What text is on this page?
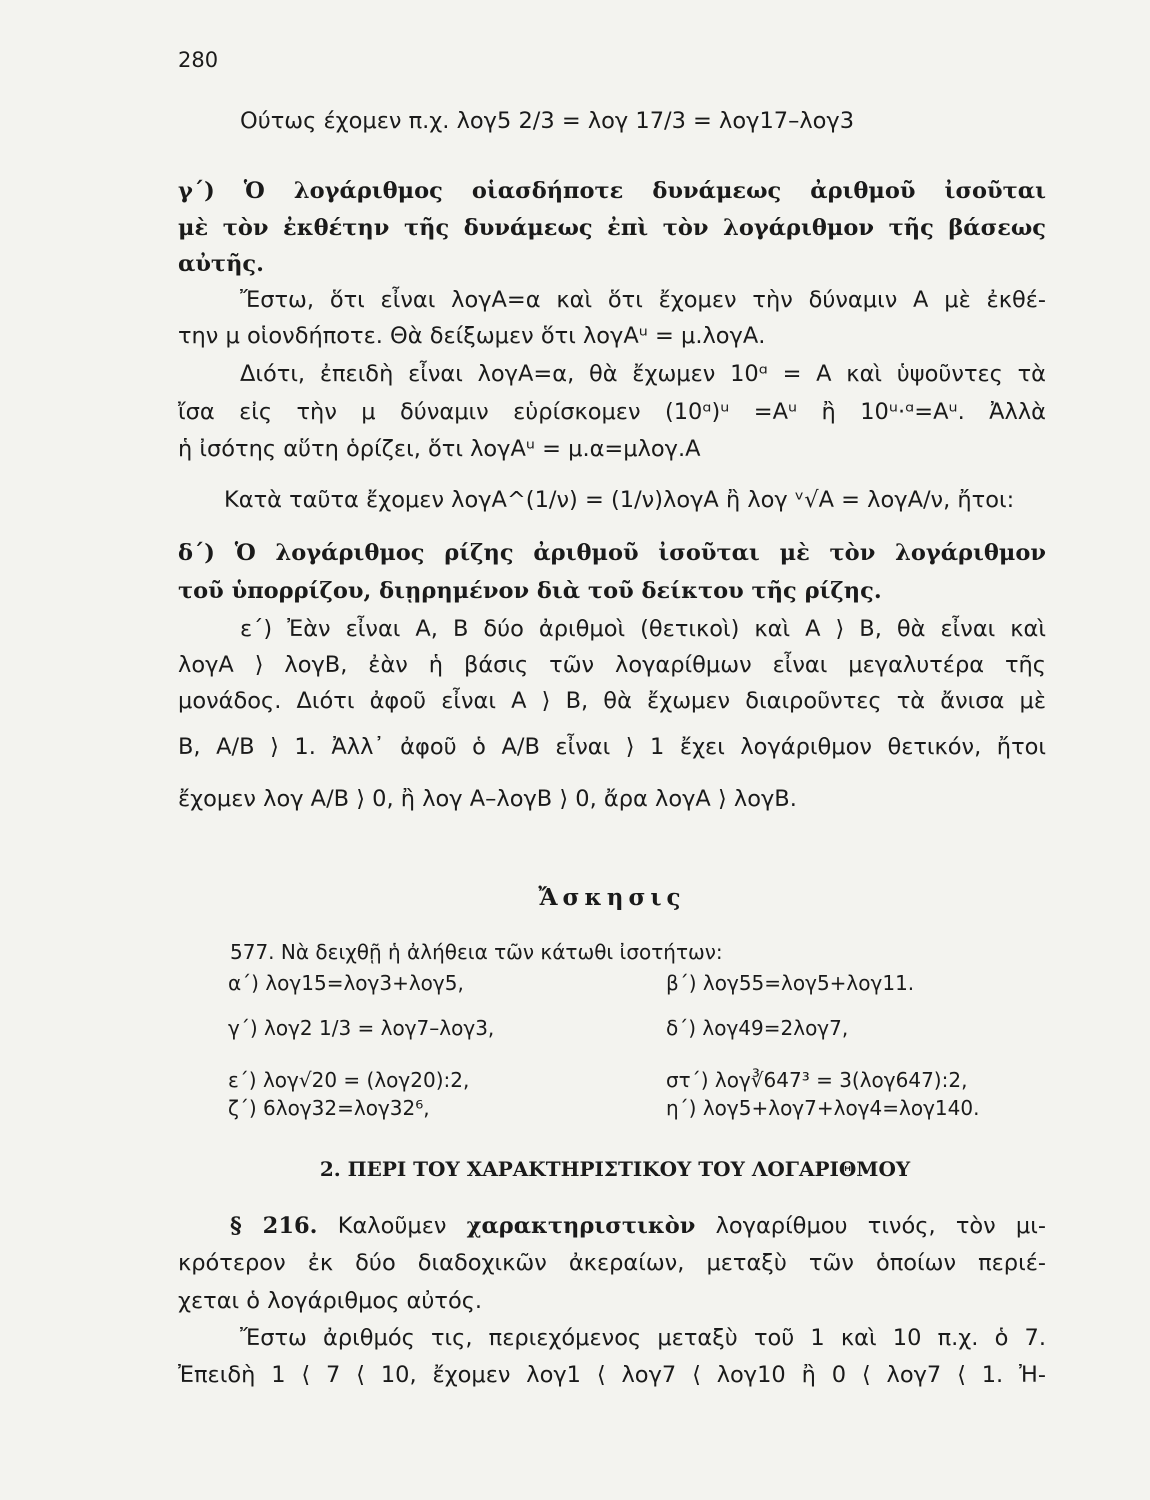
280
Ούτως έχομεν π.χ. λογ5 2/3 = λογ 17/3 = λογ17–λογ3
γ΄) Ὁ λογάριθμος οἱασδήποτε δυνάμεως ἀριθμοῦ ἰσοῦται
μὲ τὸν ἐκθέτην τῆς δυνάμεως ἐπὶ τὸν λογάριθμον τῆς βάσεως
αὐτῆς.
Ἔστω, ὅτι εἶναι λογΑ=α καὶ ὅτι ἔχομεν τὴν δύναμιν Α μὲ ἐκθέ-
την μ οἱονδήποτε. Θὰ δείξωμεν ὅτι λογΑᵘ = μ.λογΑ.
Διότι, ἐπειδὴ εἶναι λογΑ=α, θὰ ἔχωμεν 10ᵅ = Α καὶ ὑψοῦντες τὰ
ἴσα εἰς τὴν μ δύναμιν εὑρίσκομεν (10ᵅ)ᵘ =Αᵘ ἢ 10ᵘ·ᵅ=Αᵘ. Ἀλλὰ
ἡ ἰσότης αὕτη ὁρίζει, ὅτι λογΑᵘ = μ.α=μλογ.Α
Κατὰ ταῦτα ἔχομεν λογΑ^(1/ν) = (1/ν)λογΑ ἢ λογ ᵛ√Α = λογΑ/ν, ἤτοι:
δ΄) Ὁ λογάριθμος ρίζης ἀριθμοῦ ἰσοῦται μὲ τὸν λογάριθμον
τοῦ ὑπορρίζου, διῃρημένον διὰ τοῦ δείκτου τῆς ρίζης.
ε΄) Ἐὰν εἶναι Α, Β δύο ἀριθμοὶ (θετικοὶ) καὶ Α ⟩ Β, θὰ εἶναι καὶ
λογΑ ⟩ λογΒ, ἐὰν ἡ βάσις τῶν λογαρίθμων εἶναι μεγαλυτέρα τῆς
μονάδος. Διότι ἀφοῦ εἶναι Α ⟩ Β, θὰ ἔχωμεν διαιροῦντες τὰ ἄνισα μὲ
Β, Α/Β ⟩ 1. Ἀλλ᾽ ἀφοῦ ὁ Α/Β εἶναι ⟩ 1 ἔχει λογάριθμον θετικόν, ἤτοι
ἔχομεν λογ Α/Β ⟩ 0, ἢ λογ Α–λογΒ ⟩ 0, ἄρα λογΑ ⟩ λογΒ.
Ἄσκησις
577. Νὰ δειχθῇ ἡ ἀλήθεια τῶν κάτωθι ἰσοτήτων:
α΄) λογ15=λογ3+λογ5,	β΄) λογ55=λογ5+λογ11.
γ΄) λογ2 1/3 = λογ7–λογ3,	δ΄) λογ49=2λογ7,
ε΄) λογ√20 = (λογ20):2,	στ΄) λογ∛647³ = 3(λογ647):2,
ζ΄) 6λογ32=λογ32⁶,	η΄) λογ5+λογ7+λογ4=λογ140.
2. ΠΕΡΙ ΤΟΥ ΧΑΡΑΚΤΗΡΙΣΤΙΚΟΥ ΤΟΥ ΛΟΓΑΡΙΘΜΟΥ
§ 216. Καλοῦμεν χαρακτηριστικὸν λογαρίθμου τινός, τὸν μι-
κρότερον ἐκ δύο διαδοχικῶν ἀκεραίων, μεταξὺ τῶν ὁποίων περιέ-
χεται ὁ λογάριθμος αὐτός.
Ἔστω ἀριθμός τις, περιεχόμενος μεταξὺ τοῦ 1 καὶ 10 π.χ. ὁ 7.
Ἐπειδὴ 1 ⟨ 7 ⟨ 10, ἔχομεν λογ1 ⟨ λογ7 ⟨ λογ10 ἢ 0 ⟨ λογ7 ⟨ 1. Ἠ-
